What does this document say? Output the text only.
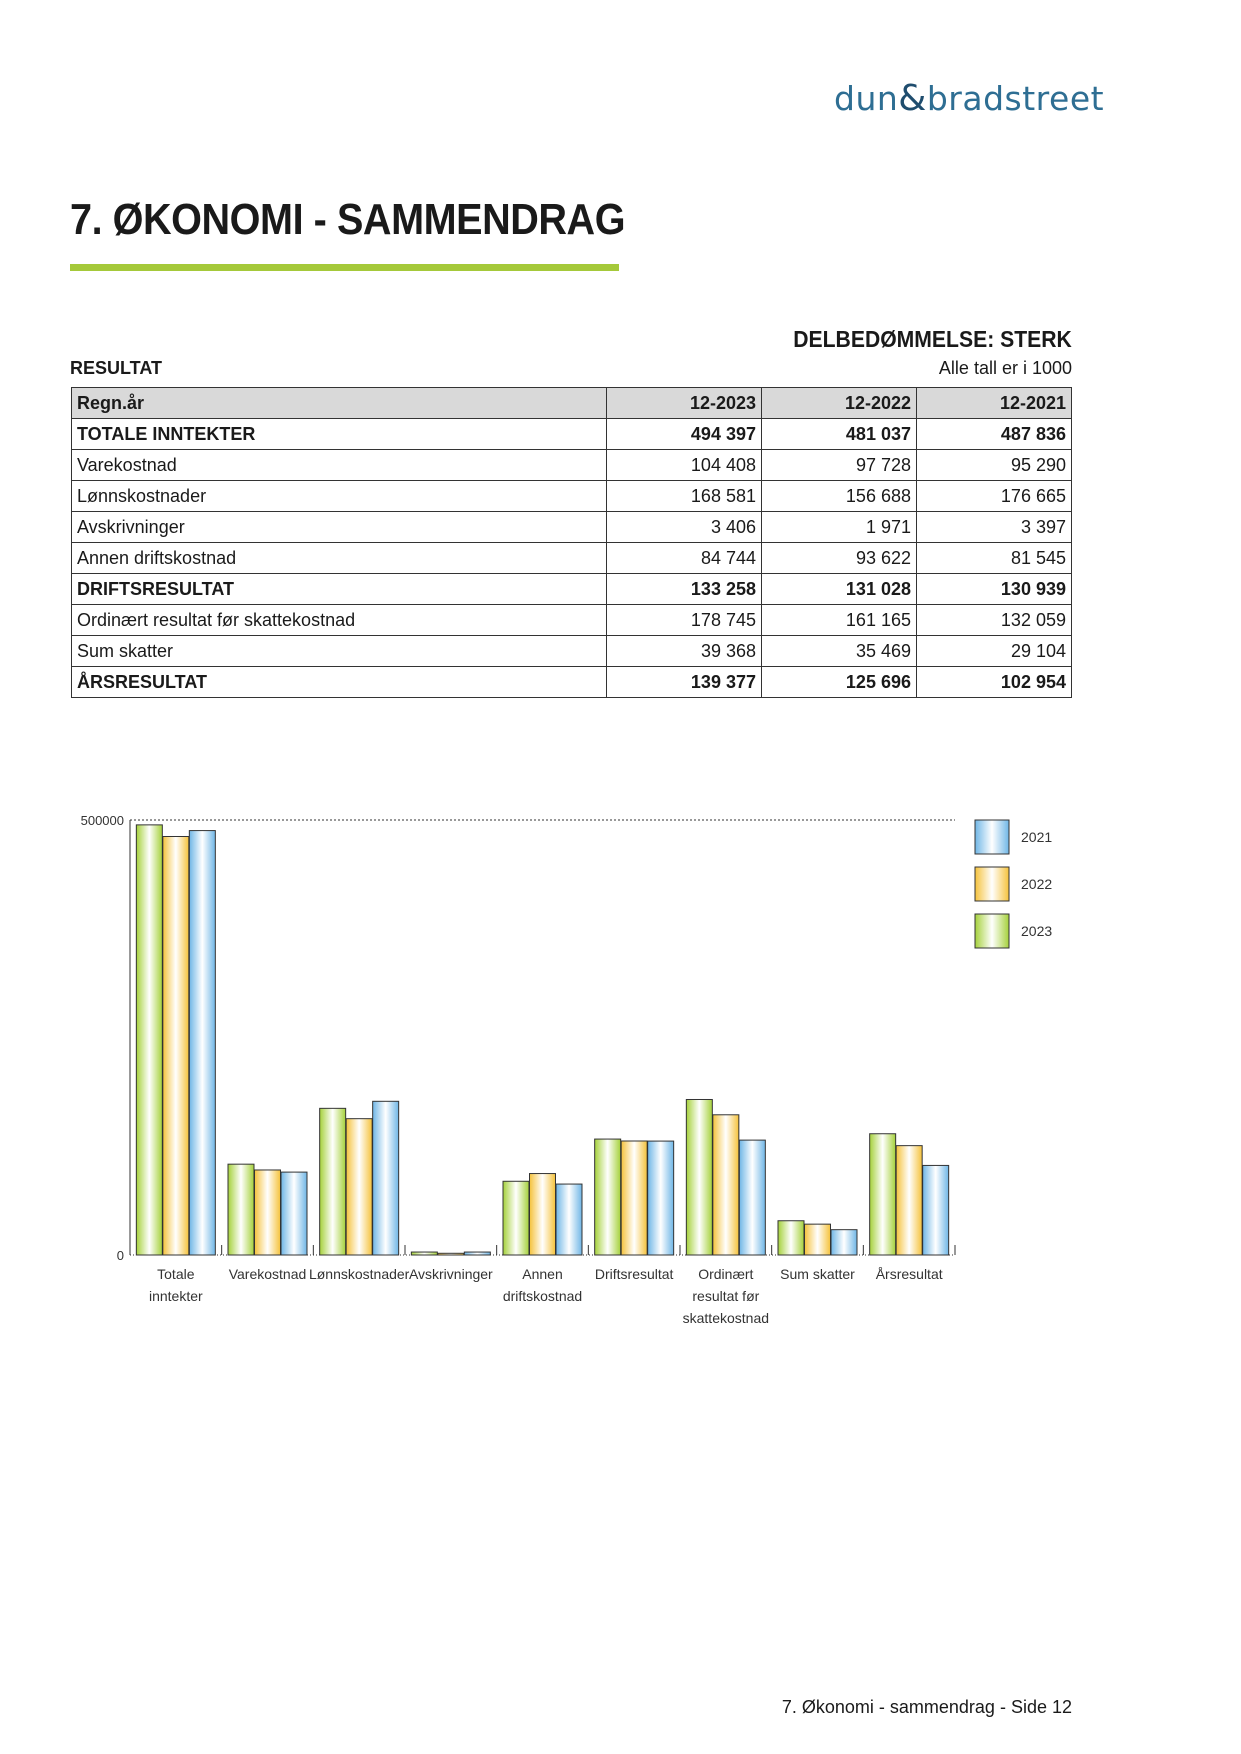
dun&bradstreet
7. ØKONOMI - SAMMENDRAG
DELBEDØMMELSE: STERK
RESULTAT	Alle tall er i 1000
Regn.år	12-2023	12-2022	12-2021
TOTALE INNTEKTER	494 397	481 037	487 836
Varekostnad	104 408	97 728	95 290
Lønnskostnader	168 581	156 688	176 665
Avskrivninger	3 406	1 971	3 397
Annen driftskostnad	84 744	93 622	81 545
DRIFTSRESULTAT	133 258	131 028	130 939
Ordinært resultat før skattekostnad	178 745	161 165	132 059
Sum skatter	39 368	35 469	29 104
ÅRSRESULTAT	139 377	125 696	102 954
0
500000
Totale
inntekter
Varekostnad Lønnskostnader Avskrivninger Annen
driftskostnad
Driftsresultat Ordinært
resultat før
skattekostnad
Sum skatter Årsresultat
2021
2022
2023
7. Økonomi - sammendrag - Side 12
